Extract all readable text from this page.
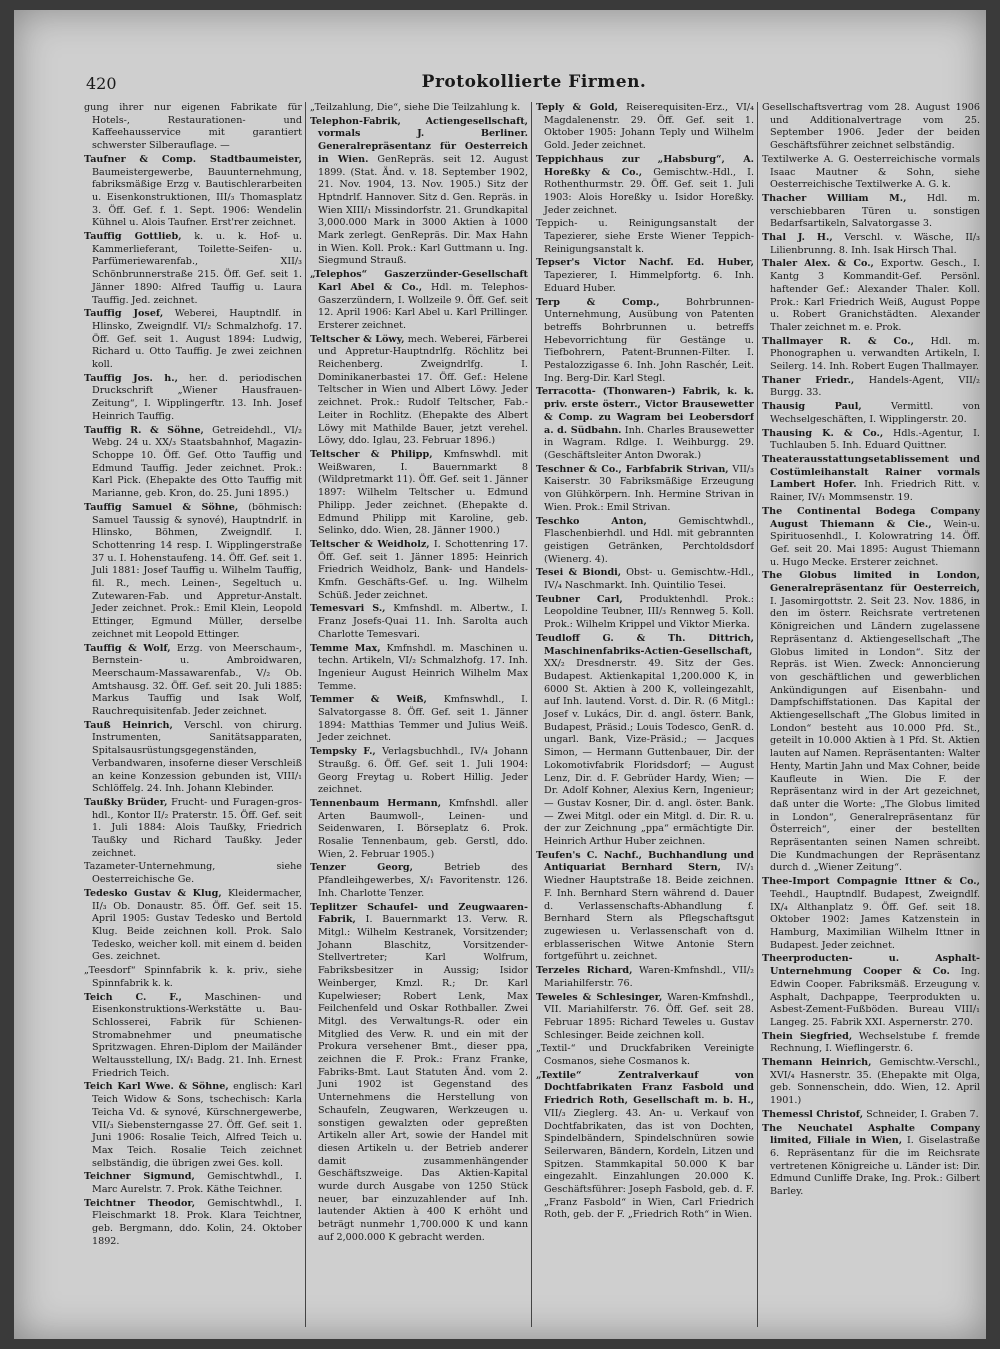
420	Protokollierte Firmen.

gung ihrer nur eigenen Fabrikate für Hotels-, Restaurationen- und Kaffeehausservice mit garantiert schwerster Silberauflage. —

Taufner & Comp. Stadtbaumeister, Baumeistergewerbe, Bauunternehmung, fabriksmäßige Erzg v. Bautischlerarbeiten u. Eisenkonstruktionen, III/₃ Thomasplatz 3. Öff. Gef. f. 1. Sept. 1906: Wendelin Kühnel u. Alois Taufner. Erst'rer zeichnet.

Tauffig Gottlieb, k. u. k. Hof- u. Kammerlieferant, Toilette-Seifen- u. Parfümeriewarenfab., XII/₃ Schönbrunnerstraße 215. Öff. Gef. seit 1. Jänner 1890: Alfred Tauffig u. Laura Tauffig. Jed. zeichnet.

Tauffig Josef, Weberei, Hauptndlf. in Hlinsko, Zweigndlf. VI/₂ Schmalzhofg. 17. Öff. Gef. seit 1. August 1894: Ludwig, Richard u. Otto Tauffig. Je zwei zeichnen koll.

Tauffig Jos. h., her. d. periodischen Druckschrift „Wiener Hausfrauen-Zeitung“, I. Wipplingerftr. 13. Inh. Josef Heinrich Tauffig.

Tauffig R. & Söhne, Getreidehdl., VI/₂ Webg. 24 u. XX/₃ Staatsbahnhof, Magazin-Schoppe 10. Öff. Gef. Otto Tauffig und Edmund Tauffig. Jeder zeichnet. Prok.: Karl Pick. (Ehepakte des Otto Tauffig mit Marianne, geb. Kron, do. 25. Juni 1895.)

Tauffig Samuel & Söhne, (böhmisch: Samuel Taussig & synové), Hauptndrlf. in Hlinsko, Böhmen, Zweigndlf. I. Schottenring 14 resp. I. Wipplingerstraße 37 u. I. Hohenstaufeng. 14. Öff. Gef. seit 1. Juli 1881: Josef Tauffig u. Wilhelm Tauffig, fil. R., mech. Leinen-, Segeltuch u. Zutewaren-Fab. und Appretur-Anstalt. Jeder zeichnet. Prok.: Emil Klein, Leopold Ettinger, Egmund Müller, derselbe zeichnet mit Leopold Ettinger.

Tauffig & Wolf, Erzg. von Meerschaum-, Bernstein- u. Ambroidwaren, Meerschaum-Massawarenfab., V/₂ Ob. Amtshausg. 32. Öff. Gef. seit 20. Juli 1885: Markus Tauffig und Isak Wolf, Rauchrequisitenfab. Jeder zeichnet.

Tauß Heinrich, Verschl. von chirurg. Instrumenten, Sanitätsapparaten, Spitalsausrüstungsgegenständen, Verbandwaren, insoferne dieser Verschleiß an keine Konzession gebunden ist, VIII/₁ Schlöffelg. 24. Inh. Johann Klebinder.

Taußky Brüder, Frucht- und Furagen-gros-hdl., Kontor II/₂ Praterstr. 15. Öff. Gef. seit 1. Juli 1884: Alois Taußky, Friedrich Taußky und Richard Taußky. Jeder zeichnet.

Tazameter-Unternehmung, siehe Oesterreichische Ge.

Tedesko Gustav & Klug, Kleidermacher, II/₃ Ob. Donaustr. 85. Öff. Gef. seit 15. April 1905: Gustav Tedesko und Bertold Klug. Beide zeichnen koll. Prok. Salo Tedesko, weicher koll. mit einem d. beiden Ges. zeichnet.

„Teesdorf“ Spinnfabrik k. k. priv., siehe Spinnfabrik k. k.

Teich C. F., Maschinen- und Eisenkonstruktions-Werkstätte u. Bau-Schlosserei, Fabrik für Schienen-Stromabnehmer und pneumatische Spritzwagen. Ehren-Diplom der Mailänder Weltausstellung, IX/₁ Badg. 21. Inh. Ernest Friedrich Teich.

Teich Karl Wwe. & Söhne, englisch: Karl Teich Widow & Sons, tschechisch: Karla Teicha Vd. & synové, Kürschnergewerbe, VII/₃ Siebensterngasse 27. Öff. Gef. seit 1. Juni 1906: Rosalie Teich, Alfred Teich u. Max Teich. Rosalie Teich zeichnet selbständig, die übrigen zwei Ges. koll.

Teichner Sigmund, Gemischtwhdl., I. Marc Aurelstr. 7. Prok. Käthe Teichner.

Teichtner Theodor, Gemischtwhdl., I. Fleischmarkt 18. Prok. Klara Teichtner, geb. Bergmann, ddo. Kolin, 24. Oktober 1892.

„Teilzahlung, Die“, siehe Die Teilzahlung k.

Telephon-Fabrik, Actiengesellschaft, vormals J. Berliner. Generalrepräsentanz für Oesterreich in Wien. GenRepräs. seit 12. August 1899. (Stat. Änd. v. 18. September 1902, 21. Nov. 1904, 13. Nov. 1905.) Sitz der Hptndrlf. Hannover. Sitz d. Gen. Repräs. in Wien XIII/₁ Missindorfstr. 21. Grundkapital 3,000.000 Mark in 3000 Aktien à 1000 Mark zerlegt. GenRepräs. Dir. Max Hahn in Wien. Koll. Prok.: Karl Guttmann u. Ing. Siegmund Strauß.

„Telephos“ Gaszerzünder-Gesellschaft Karl Abel & Co., Hdl. m. Telephos-Gaszerzündern, I. Wollzeile 9. Öff. Gef. seit 12. April 1906: Karl Abel u. Karl Prillinger. Ersterer zeichnet.

Teltscher & Löwy, mech. Weberei, Färberei und Appretur-Hauptndrlfg. Röchlitz bei Reichenberg. Zweigndrlfg. I. Dominikanerbastei 17. Öff. Gef.: Helene Teltscher in Wien und Albert Löwy. Jeder zeichnet. Prok.: Rudolf Teltscher, Fab.-Leiter in Rochlitz. (Ehepakte des Albert Löwy mit Mathilde Bauer, jetzt verehel. Löwy, ddo. Iglau, 23. Februar 1896.)

Teltscher & Philipp, Kmfnswhdl. mit Weißwaren, I. Bauernmarkt 8 (Wildpretmarkt 11). Öff. Gef. seit 1. Jänner 1897: Wilhelm Teltscher u. Edmund Philipp. Jeder zeichnet. (Ehepakte d. Edmund Philipp mit Karoline, geb. Selinko, ddo. Wien, 28. Jänner 1900.)

Teltscher & Weidholz, I. Schottenring 17. Öff. Gef. seit 1. Jänner 1895: Heinrich Friedrich Weidholz, Bank- und Handels-Kmfn. Geschäfts-Gef. u. Ing. Wilhelm Schüß. Jeder zeichnet.

Temesvari S., Kmfnshdl. m. Albertw., I. Franz Josefs-Quai 11. Inh. Sarolta auch Charlotte Temesvari.

Temme Max, Kmfnshdl. m. Maschinen u. techn. Artikeln, VI/₂ Schmalzhofg. 17. Inh. Ingenieur August Heinrich Wilhelm Max Temme.

Temmer & Weiß, Kmfnswhdl., I. Salvatorgasse 8. Öff. Gef. seit 1. Jänner 1894: Matthias Temmer und Julius Weiß. Jeder zeichnet.

Tempsky F., Verlagsbuchhdl., IV/₄ Johann Straußg. 6. Öff. Gef. seit 1. Juli 1904: Georg Freytag u. Robert Hillig. Jeder zeichnet.

Tennenbaum Hermann, Kmfnshdl. aller Arten Baumwoll-, Leinen- und Seidenwaren, I. Börseplatz 6. Prok. Rosalie Tennenbaum, geb. Gerstl, ddo. Wien, 2. Februar 1905.)

Tenzer Georg,	Betrieb des Pfandleihgewerbes, X/₁ Favoritenstr. 126. Inh. Charlotte Tenzer.

Teplitzer Schaufel- und Zeugwaaren-Fabrik, I. Bauernmarkt 13. Verw. R. Mitgl.: Wilhelm Kestranek, Vorsitzender; Johann Blaschitz, Vorsitzender-Stellvertreter; Karl Wolfrum, Fabriksbesitzer in Aussig; Isidor Weinberger, Kmzl. R.; Dr. Karl Kupelwieser; Robert Lenk, Max Feilchenfeld und Oskar Rothballer. Zwei Mitgl. des Verwaltungs-R. oder ein Mitglied des Verw. R. und ein mit der Prokura versehener Bmt., dieser ppa, zeichnen die F. Prok.: Franz Franke, Fabriks-Bmt. Laut Statuten Änd. vom 2. Juni 1902 ist Gegenstand des Unternehmens die Herstellung von Schaufeln, Zeugwaren, Werkzeugen u. sonstigen gewalzten oder gepreßten Artikeln aller Art, sowie der Handel mit diesen Artikeln u. der Betrieb anderer damit zusammenhängender Geschäftszweige. Das Aktien-Kapital wurde durch Ausgabe von 1250 Stück neuer, bar einzuzahlender auf Inh. lautender Aktien à 400 K erhöht und beträgt nunmehr 1,700.000 K und kann auf 2,000.000 K gebracht werden.

Teply & Gold, Reiserequisiten-Erz., VI/₄ Magdalenenstr. 29. Öff. Gef. seit 1. Oktober 1905: Johann Teply und Wilhelm Gold. Jeder zeichnet.

Teppichhaus zur „Habsburg“, A. Horeßky & Co., Gemischtw.-Hdl., I. Rothenthurmstr. 29. Öff. Gef. seit 1. Juli 1903: Alois Horeßky u. Isidor Horeßky. Jeder zeichnet.

Teppich- u. Reinigungsanstalt der Tapezierer, siehe Erste Wiener Teppich-Reinigungsanstalt k.

Tepser's Victor Nachf. Ed. Huber, Tapezierer, I. Himmelpfortg. 6. Inh. Eduard Huber.

Terp & Comp.,	Bohrbrunnen-Unternehmung, Ausübung von Patenten betreffs Bohrbrunnen u. betreffs Hebevorrichtung für Gestänge u. Tiefbohrern, Patent-Brunnen-Filter. I. Pestalozzigasse 6. Inh. John Raschér, Leit. Ing. Berg-Dir. Karl Stegl.

Terracotta- (Thonwaren-) Fabrik, k. k. priv. erste österr., Victor Brausewetter & Comp. zu Wagram bei Leobersdorf a. d. Südbahn. Inh. Charles Brausewetter in Wagram. Rdlge. I. Weihburgg. 29. (Geschäftsleiter Anton Dworak.)

Teschner & Co., Farbfabrik Strivan, VII/₃ Kaiserstr. 30 Fabriksmäßige Erzeugung von Glühkörpern. Inh. Hermine Strivan in Wien. Prok.: Emil Strivan.

Teschko Anton,	Gemischtwhdl., Flaschenbierhdl. und Hdl. mit gebrannten geistigen Getränken, Perchtoldsdorf (Wienerg. 4).

Tesei & Biondi, Obst- u. Gemischtw.-Hdl., IV/₄ Naschmarkt. Inh. Quintilio Tesei.

Teubner Carl, Produktenhdl. Prok.: Leopoldine Teubner, III/₃ Rennweg 5. Koll. Prok.: Wilhelm Krippel und Viktor Mierka.

Teudloff G. & Th. Dittrich, Maschinenfabriks-Actien-Gesellschaft, XX/₂ Dresdnerstr. 49. Sitz der Ges. Budapest. Aktienkapital 1,200.000 K, in 6000 St. Aktien à 200 K, volleingezahlt, auf Inh. lautend. Vorst. d. Dir. R. (6 Mitgl.: Josef v. Lukács, Dir. d. angl. österr. Bank, Budapest, Präsid.; Louis Todesco, GenR. d. ungarl. Bank, Vize-Präsid.; — Jacques Simon, — Hermann Guttenbauer, Dir. der Lokomotivfabrik Floridsdorf; — August Lenz, Dir. d. F. Gebrüder Hardy, Wien; — Dr. Adolf Kohner, Alexius Kern, Ingenieur; — Gustav Kosner, Dir. d. angl. öster. Bank. — Zwei Mitgl. oder ein Mitgl. d. Dir. R. u. der zur Zeichnung „ppa“ ermächtigte Dir. Heinrich Arthur Huber zeichnen.

Teufen's C. Nachf., Buchhandlung und Antiquariat Bernhard Stern, IV/₁ Wiedner Hauptstraße 18. Beide zeichnen. F. Inh. Bernhard Stern während d. Dauer d. Verlassenschafts-Abhandlung f. Bernhard Stern als Pflegschaftsgut zugewiesen u. Verlassenschaft von d. erblasserischen Witwe Antonie Stern fortgeführt u. zeichnet.

Terzeles Richard, Waren-Kmfnshdl., VII/₂ Mariahilferstr. 76.

Teweles & Schlesinger, Waren-Kmfnshdl., VII. Mariahilferstr. 76. Öff. Gef. seit 28. Februar 1895: Richard Teweles u. Gustav Schlesinger. Beide zeichnen koll.

„Textil-“ und Druckfabriken Vereinigte Cosmanos, siehe Cosmanos k.

„Textile“ Zentralverkauf von Dochtfabrikaten Franz Fasbold und Friedrich Roth, Gesellschaft m. b. H., VII/₃ Zieglerg. 43. An- u. Verkauf von Dochtfabrikaten, das ist von Dochten, Spindelbändern, Spindelschnüren sowie Seilerwaren, Bändern, Kordeln, Litzen und Spitzen. Stammkapital 50.000 K bar eingezahlt. Einzahlungen 20.000 K. Geschäftsführer: Joseph Fasbold, geb. d. F. „Franz Fasbold“ in Wien, Carl Friedrich Roth, geb. der F. „Friedrich Roth“ in Wien.

Gesellschaftsvertrag vom 28. August 1906 und Additionalvertrage vom 25. September 1906. Jeder der beiden Geschäftsführer zeichnet selbständig.

Textilwerke A. G. Oesterreichische vormals Isaac Mautner & Sohn, siehe Oesterreichische Textilwerke A. G. k.

Thacher William M., Hdl. m. verschiebbaren Türen u. sonstigen Bedarfsartikeln, Salvatorgasse 3.

Thal J. H., Verschl. v. Wäsche, II/₃ Lilienbrunng. 8. Inh. Isak Hirsch Thal.

Thaler Alex. & Co., Exportw. Gesch., I. Kantg 3 Kommandit-Gef. Persönl. haftender Gef.: Alexander Thaler. Koll. Prok.: Karl Friedrich Weiß, August Poppe u. Robert Granichstädten. Alexander Thaler zeichnet m. e. Prok.

Thallmayer R. & Co., Hdl. m. Phonographen u. verwandten Artikeln, I. Seilerg. 14. Inh. Robert Eugen Thallmayer.

Thaner Friedr., Handels-Agent, VII/₂ Burgg. 33.

Thausig Paul,	Vermittl. von Wechselgeschäften, I. Wipplingerstr. 20.

Thausing K. & Co., Hdls.-Agentur, I. Tuchlauben 5. Inh. Eduard Quittner.

Theaterausstattungsetablissement und Costümleihanstalt Rainer vormals Lambert Hofer. Inh. Friedrich Ritt. v. Rainer, IV/₁ Mommsenstr. 19.

The Continental Bodega Company August Thiemann & Cie., Wein-u. Spirituosenhdl., I. Kolowratring 14. Öff. Gef. seit 20. Mai 1895: August Thiemann u. Hugo Mecke. Ersterer zeichnet.

The Globus limited in London, Generalrepräsentanz für Oesterreich, I. Jasomirgottstr. 2. Seit 23. Nov. 1886, in den im österr. Reichsrate vertretenen Königreichen und Ländern zugelassene Repräsentanz d. Aktiengesellschaft „The Globus limited in London“. Sitz der Repräs. ist Wien. Zweck: Annoncierung von geschäftlichen und gewerblichen Ankündigungen auf Eisenbahn- und Dampfschiffstationen. Das Kapital der Aktiengesellschaft „The Globus limited in London“ besteht aus 10.000 Pfd. St., geteilt in 10.000 Aktien à 1 Pfd. St. Aktien lauten auf Namen. Repräsentanten: Walter Henty, Martin Jahn und Max Cohner, beide Kaufleute in Wien. Die F. der Repräsentanz wird in der Art gezeichnet, daß unter die Worte: „The Globus limited in London“, Generalrepräsentanz für Österreich“, einer der bestellten Repräsentanten seinen Namen schreibt. Die Kundmachungen der Repräsentanz durch d. „Wiener Zeitung“.

Thee-Import Compagnie Ittner & Co., Teehdl., Hauptndlf. Budapest, Zweigndlf. IX/₄ Althanplatz 9. Öff. Gef. seit 18. Oktober 1902: James Katzenstein in Hamburg, Maximilian Wilhelm Ittner in Budapest. Jeder zeichnet.

Theerproducten- u. Asphalt-Unternehmung Cooper & Co. Ing. Edwin Cooper. Fabriksmäß. Erzeugung v. Asphalt, Dachpappe, Teerprodukten u. Asbest-Zement-Fußböden. Bureau VIII/₁ Langeg. 25. Fabrik XXI. Aspernerstr. 270.

Thein Siegfried, Wechselstube f. fremde Rechnung, I. Wieflingerstr. 6.

Themann Heinrich, Gemischtw.-Verschl., XVI/₄ Hasnerstr. 35. (Ehepakte mit Olga, geb. Sonnenschein, ddo. Wien, 12. April 1901.)

Themessl Christof, Schneider, I. Graben 7.

The Neuchatel Asphalte Company limited, Filiale in Wien, I. Giselastraße 6. Repräsentanz für die im Reichsrate vertretenen Königreiche u. Länder ist: Dir. Edmund Cunliffe Drake, Ing. Prok.: Gilbert Barley.
